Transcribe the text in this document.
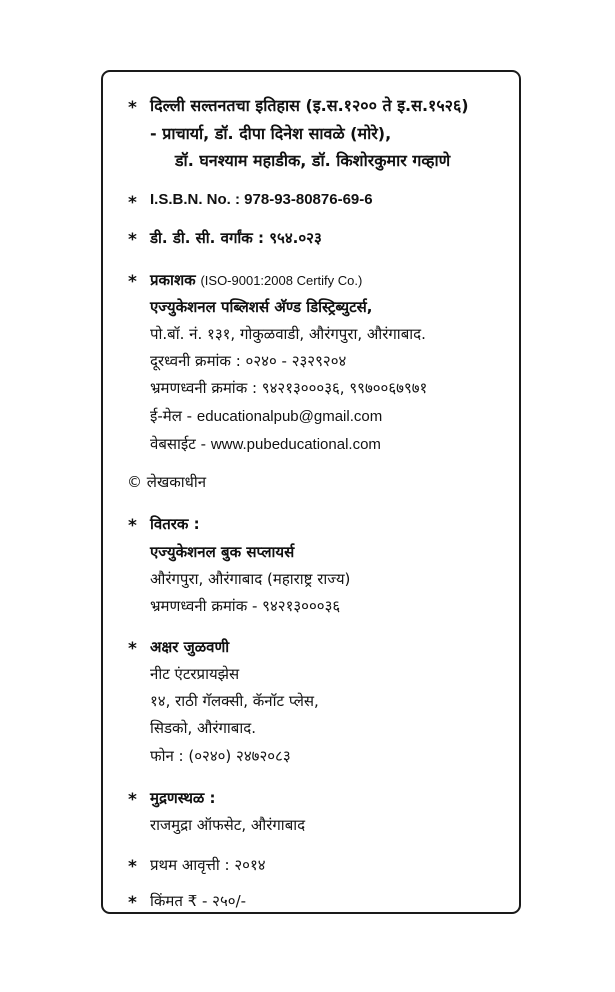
* दिल्ली सल्तनतचा इतिहास (इ.स.१२०० ते इ.स.१५२६)
- प्राचार्या, डॉ. दीपा दिनेश सावळे (मोरे),
डॉ. घनश्याम महाडीक, डॉ. किशोरकुमार गव्हाणे
* I.S.B.N. No. : 978-93-80876-69-6
* डी. डी. सी. वर्गांक : ९५४.०२३
* प्रकाशक (ISO-9001:2008 Certify Co.)
एज्युकेशनल पब्लिशर्स अ‍ॅण्ड डिस्ट्रिब्युटर्स,
पो.बॉ. नं. १३१, गोकुळवाडी, औरंगपुरा, औरंगाबाद.
दूरध्वनी क्रमांक : ०२४० - २३२९२०४
भ्रमणध्वनी क्रमांक : ९४२१३०००३६, ९९७००६७९७१
ई-मेल - educationalpub@gmail.com
वेबसाईट - www.pubeducational.com
© लेखकाधीन
* वितरक :
एज्युकेशनल बुक सप्लायर्स
औरंगपुरा, औरंगाबाद (महाराष्ट्र राज्य)
भ्रमणध्वनी क्रमांक - ९४२१३०००३६
* अक्षर जुळवणी
नीट एंटरप्रायझेस
१४, राठी गॅलक्सी, कॅनॉट प्लेस,
सिडको, औरंगाबाद.
फोन : (०२४०) २४७२०८३
* मुद्रणस्थळ :
राजमुद्रा ऑफसेट, औरंगाबाद
* प्रथम आवृत्ती : २०१४
* किंमत ₹ - २५०/-
